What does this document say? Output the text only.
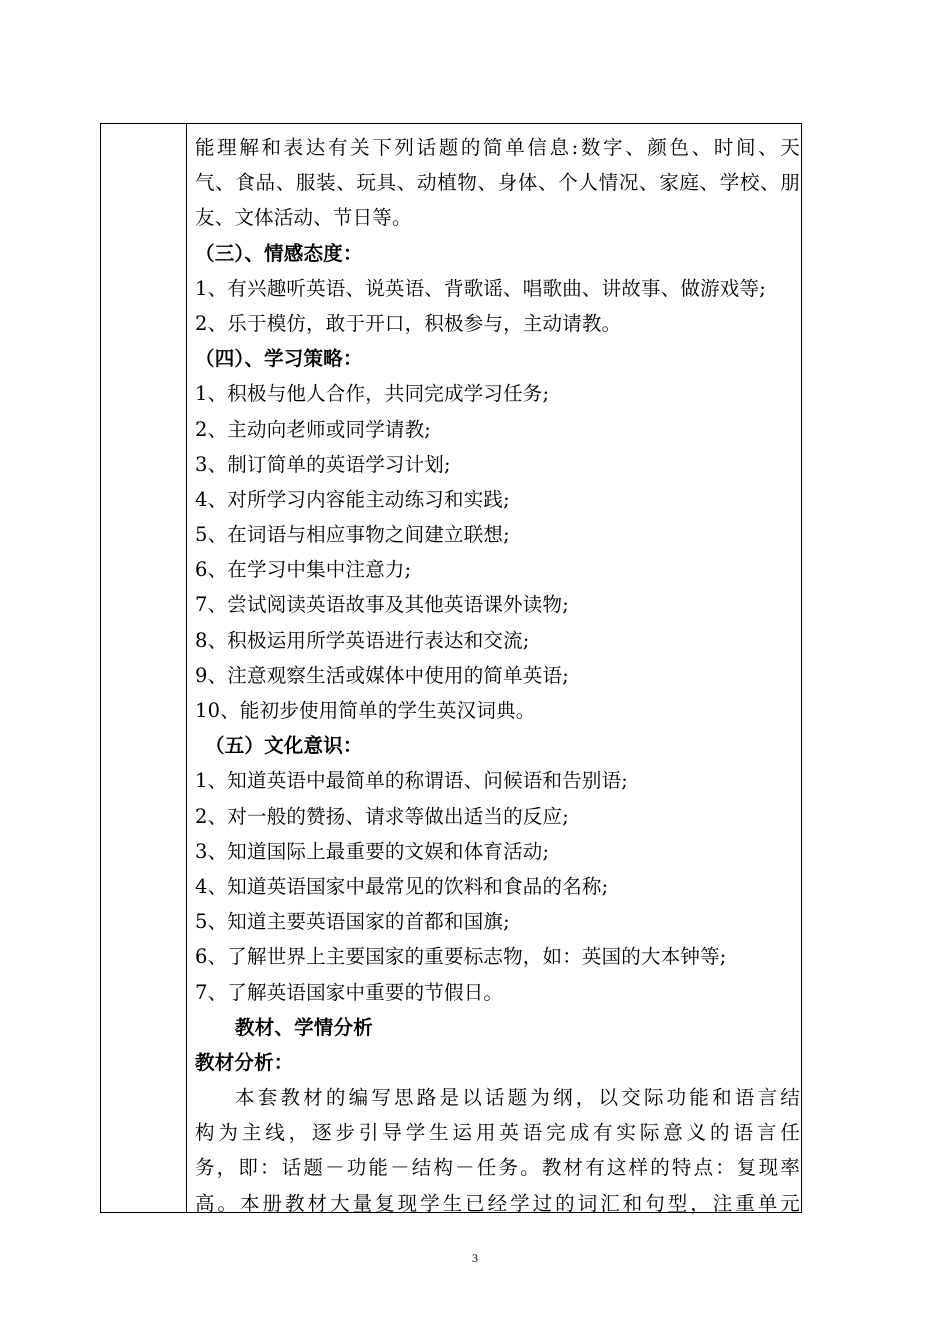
能理解和表达有关下列话题的简单信息:数字、颜色、时间、天
气、食品、服装、玩具、动植物、身体、个人情况、家庭、学校、朋
友、文体活动、节日等。
（三）、情感态度：
1、有兴趣听英语、说英语、背歌谣、唱歌曲、讲故事、做游戏等;
2、乐于模仿，敢于开口，积极参与，主动请教。
（四）、学习策略：
1、积极与他人合作，共同完成学习任务;
2、主动向老师或同学请教;
3、制订简单的英语学习计划;
4、对所学习内容能主动练习和实践;
5、在词语与相应事物之间建立联想;
6、在学习中集中注意力;
7、尝试阅读英语故事及其他英语课外读物;
8、积极运用所学英语进行表达和交流;
9、注意观察生活或媒体中使用的简单英语;
10、能初步使用简单的学生英汉词典。
（五）文化意识：
1、知道英语中最简单的称谓语、问候语和告别语;
2、对一般的赞扬、请求等做出适当的反应;
3、知道国际上最重要的文娱和体育活动;
4、知道英语国家中最常见的饮料和食品的名称;
5、知道主要英语国家的首都和国旗;
6、了解世界上主要国家的重要标志物，如：英国的大本钟等;
7、了解英语国家中重要的节假日。
教材、学情分析
教材分析：
本套教材的编写思路是以话题为纲，以交际功能和语言结
构为主线，逐步引导学生运用英语完成有实际意义的语言任
务，即：话题－功能－结构－任务。教材有这样的特点：复现率
高。本册教材大量复现学生已经学过的词汇和句型，注重单元
3
